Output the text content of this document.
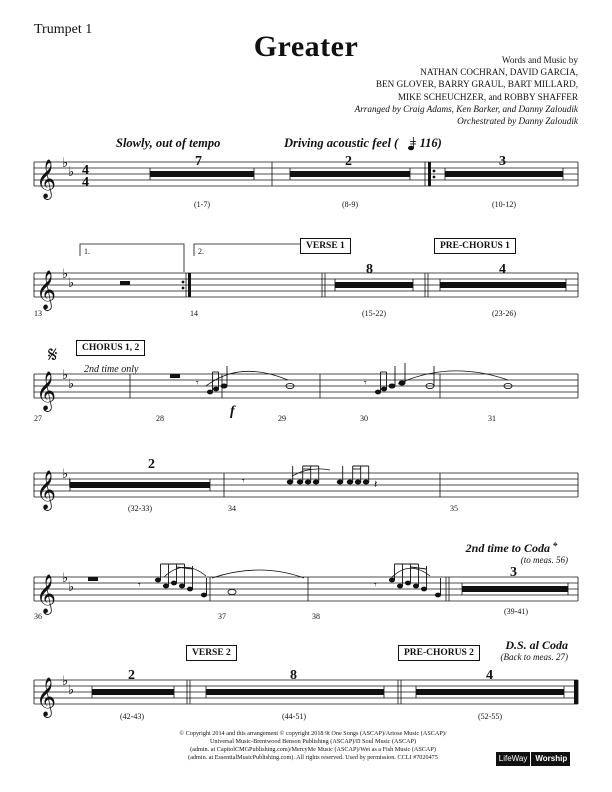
Trumpet 1
Greater	Words and Music by
NATHAN COCHRAN, DAVID GARCIA,
BEN GLOVER, BARRY GRAUL, BART MILLARD,
MIKE SCHEUCHZER, and ROBBY SHAFFER
Arranged by Craig Adams, Ken Barker, and Danny Zaloudik
Orchestrated by Danny Zaloudik
𝄞
𝄞
𝄞
𝄞
𝄞
𝄞
♭
♭
♭
♭
♭
♭
♭
♭
♭
♭
♭
♭
4
4
𝄾	𝄾
𝄾	𝄽
𝄾	𝄾
𝄋
𝄌
Slowly, out of tempo	Driving acoustic feel ( = 116)
7	2	3
(1-7)	(8-9)	(10-12)
1.	2.
VERSE 1	PRE-CHORUS 1
8	4
13	14	(15-22)	(23-26)
CHORUS 1, 2
2nd time only
f
27	28	29	30	31
2
(32-33)	34	35
2nd time to Coda
(to meas. 56)
3
36	37	38
(39-41)
VERSE 2	PRE-CHORUS 2
D.S. al Coda
(Back to meas. 27)
2	8	4
(42-43)	(44-51)	(52-55)
© Copyright 2014 and this arrangement © copyright 2018 9t One Songs (ASCAP)/Ariose Music (ASCAP)/
Universal Music-Brentwood Benson Publishing (ASCAP)/D Soul Music (ASCAP)
(admin. at CapitolCMGPublishing.com)/MercyMe Music (ASCAP)/Wet as a Fish Music (ASCAP)
(admin. at EssentialMusicPublishing.com). All rights reserved. Used by permission. CCLI #7020475	LifeWay Worship
